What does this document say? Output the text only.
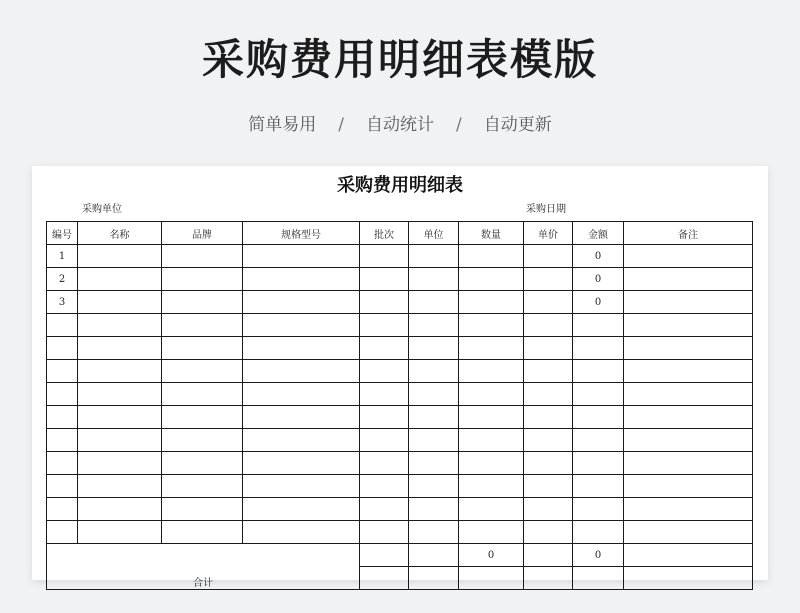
采购费用明细表模版
简单易用 / 自动统计 / 自动更新
采购费用明细表
采购单位	采购日期
编号	名称	品牌	规格型号	批次	单位	数量	单价	金额	备注
1								0	
2								0	
3								0	

合计						0		0	
